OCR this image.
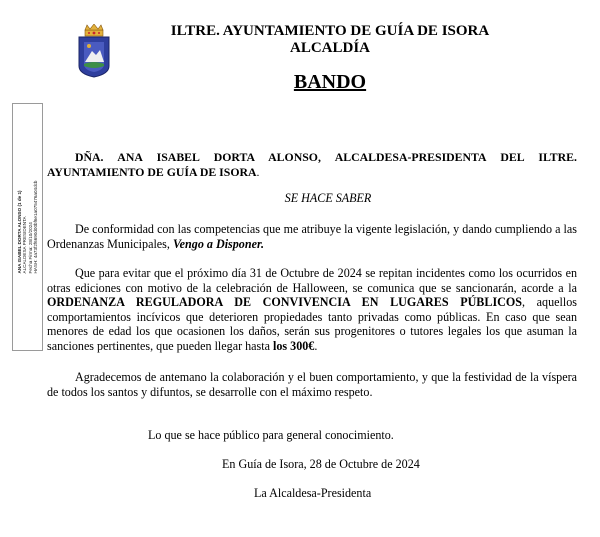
ILTRE. AYUNTAMIENTO DE GUÍA DE ISORA
ALCALDÍA
BANDO
ANA ISABEL DORTA ALONSO (1 de 1) ALCALDESA PRESIDENTA Fecha Firma: 28/10/2024 HASH: 4a73f2f6690d00bf6e1a075476a04dcb
DÑA. ANA ISABEL DORTA ALONSO, ALCALDESA-PRESIDENTA DEL ILTRE. AYUNTAMIENTO DE GUÍA DE ISORA.
SE HACE SABER
De conformidad con las competencias que me atribuye la vigente legislación, y dando cumpliendo a las Ordenanzas Municipales, Vengo a Disponer.
Que para evitar que el próximo día 31 de Octubre de 2024 se repitan incidentes como los ocurridos en otras ediciones con motivo de la celebración de Halloween, se comunica que se sancionarán, acorde a la ORDENANZA REGULADORA DE CONVIVENCIA EN LUGARES PÚBLICOS, aquellos comportamientos incívicos que deterioren propiedades tanto privadas como públicas. En caso que sean menores de edad los que ocasionen los daños, serán sus progenitores o tutores legales los que asuman la sanciones pertinentes, que pueden llegar hasta los 300€.
Agradecemos de antemano la colaboración y el buen comportamiento, y que la festividad de la víspera de todos los santos y difuntos, se desarrolle con el máximo respeto.
Lo que se hace público para general conocimiento.
En Guía de Isora, 28 de Octubre de 2024
La Alcaldesa-Presidenta
